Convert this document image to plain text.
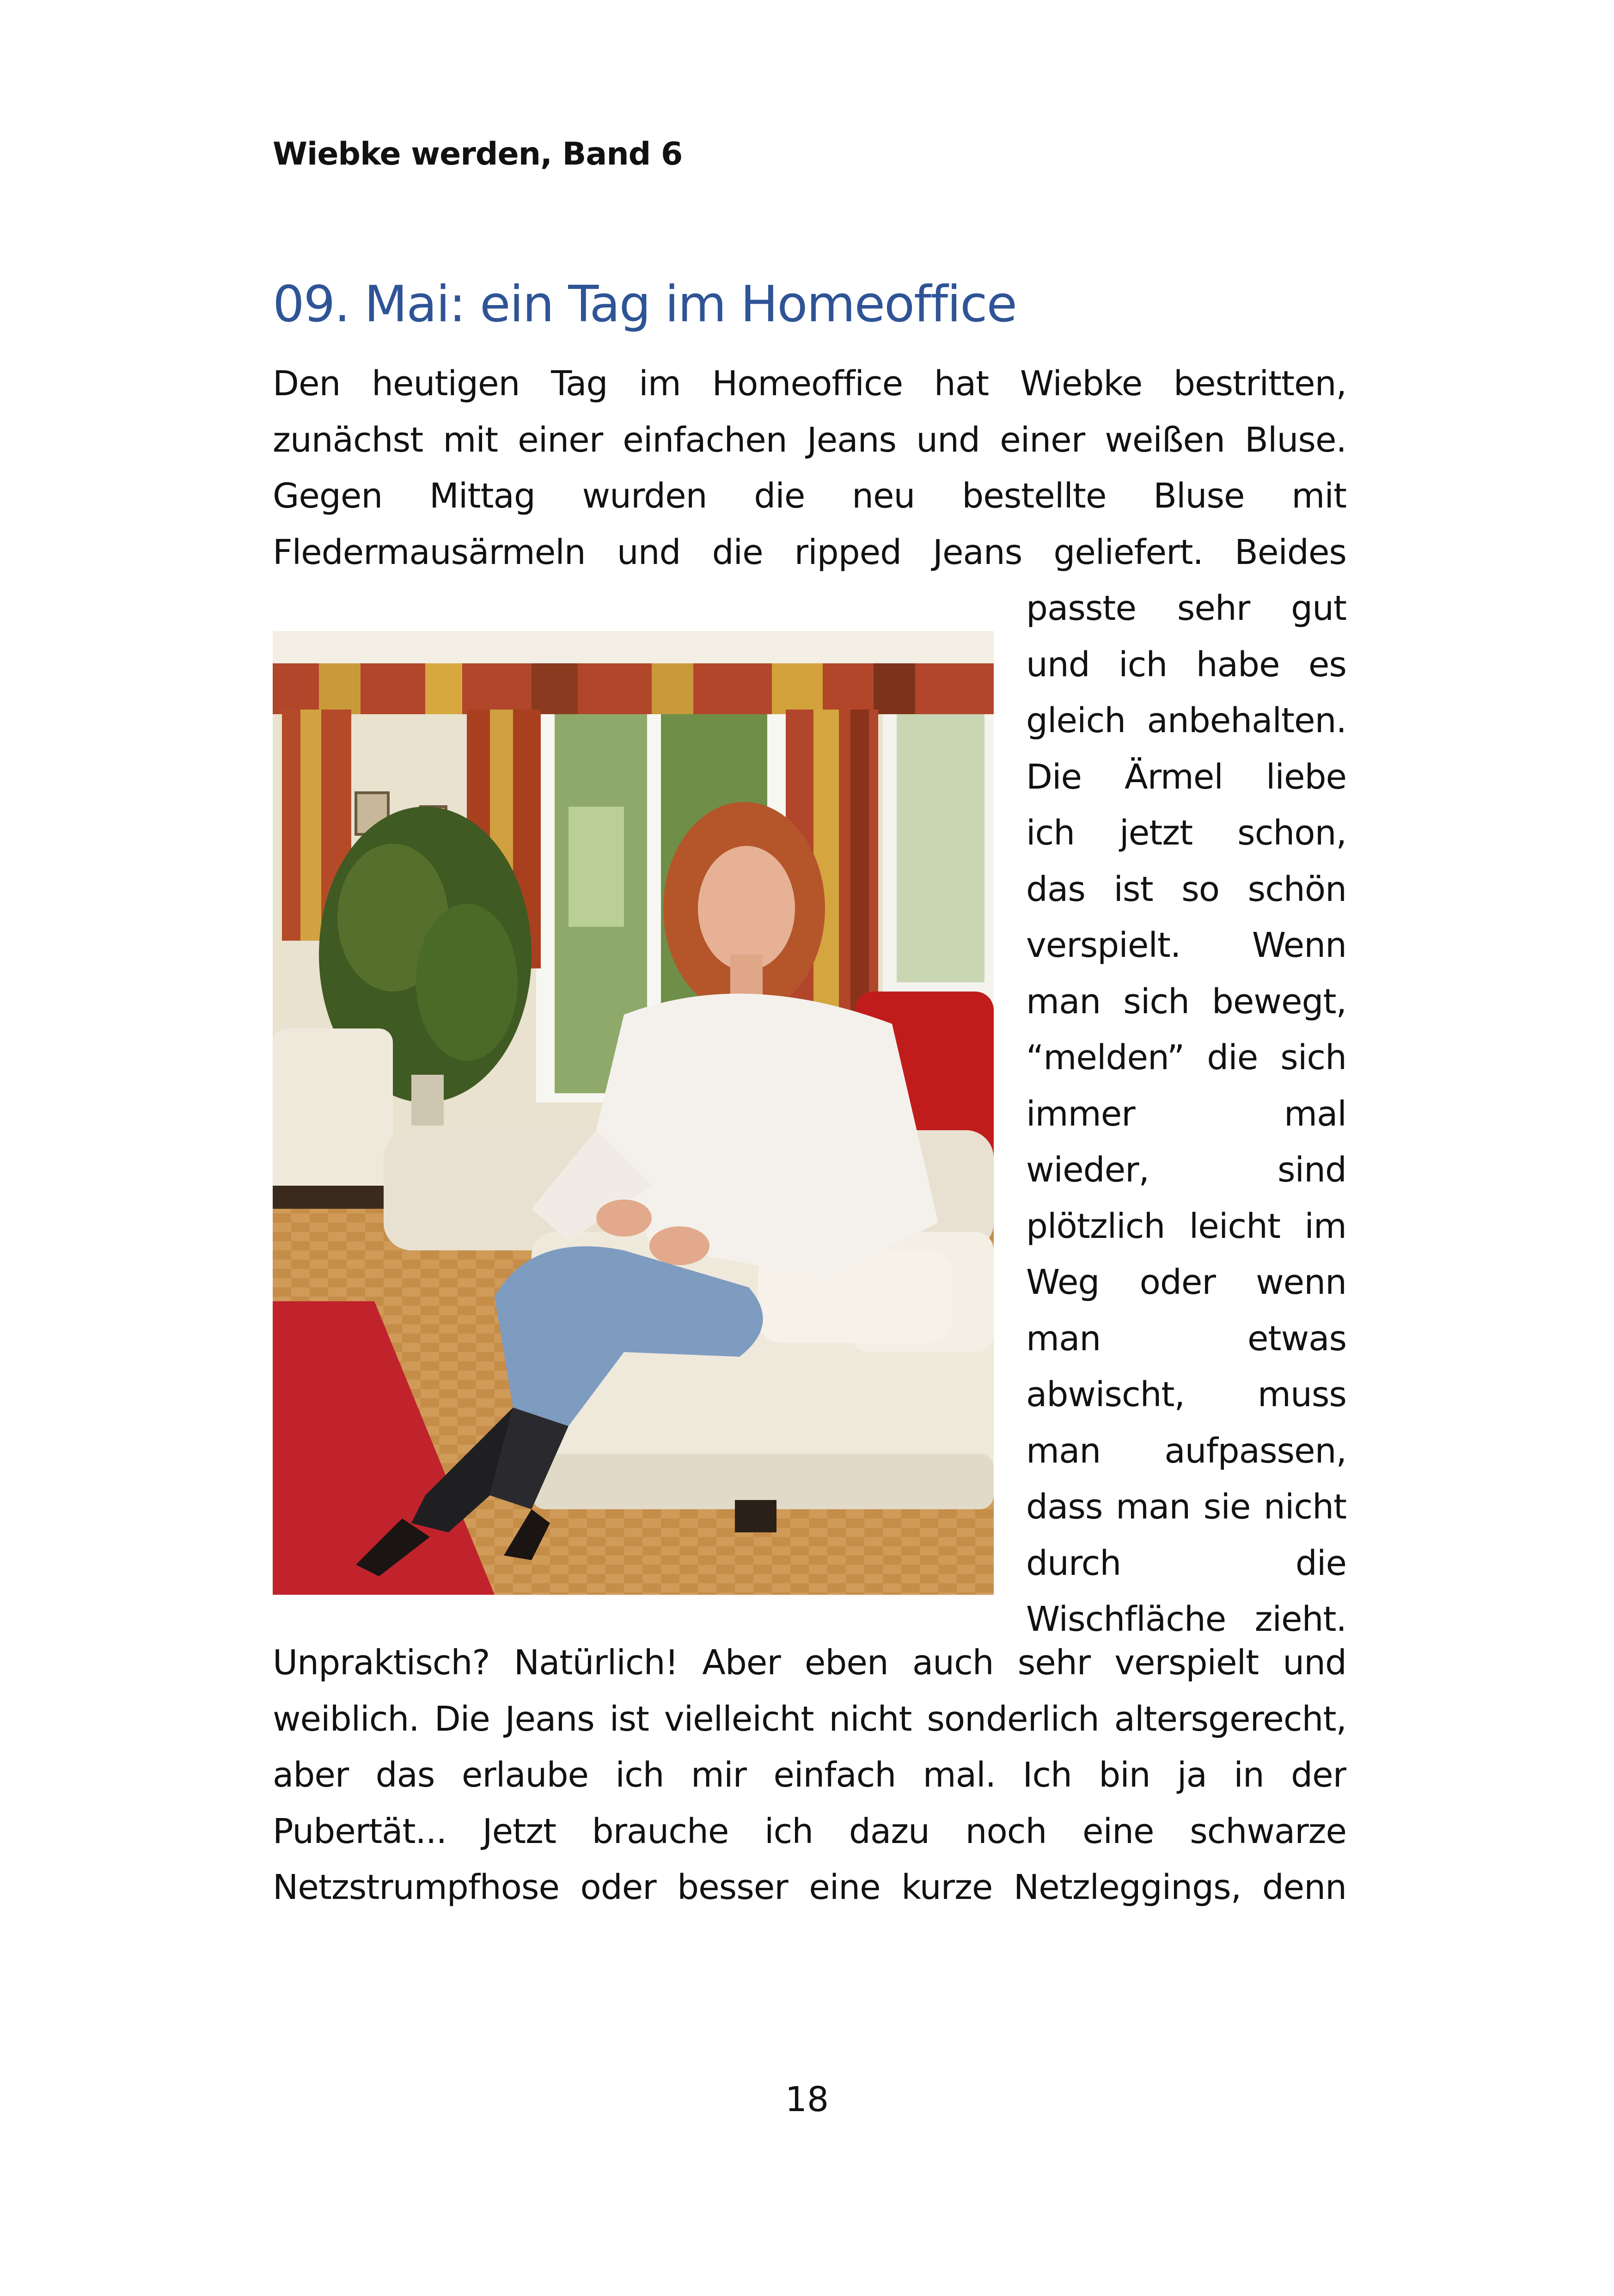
Wiebke werden, Band 6
09. Mai: ein Tag im Homeoffice
Den heutigen Tag im Homeoffice hat Wiebke bestritten,
zunächst mit einer einfachen Jeans und einer weißen Bluse.
Gegen Mittag wurden die neu bestellte Bluse mit
Fledermausärmeln und die ripped Jeans geliefert. Beides
passte sehr gut
und ich habe es
gleich anbehalten.
Die Ärmel liebe
ich jetzt schon,
das ist so schön
verspielt. Wenn
man sich bewegt,
“melden” die sich
immer mal
wieder, sind
plötzlich leicht im
Weg oder wenn
man etwas
abwischt, muss
man aufpassen,
dass man sie nicht
durch die
Wischfläche zieht.
Unpraktisch? Natürlich! Aber eben auch sehr verspielt und
weiblich. Die Jeans ist vielleicht nicht sonderlich altersgerecht,
aber das erlaube ich mir einfach mal. Ich bin ja in der
Pubertät... Jetzt brauche ich dazu noch eine schwarze
Netzstrumpfhose oder besser eine kurze Netzleggings, denn
18
